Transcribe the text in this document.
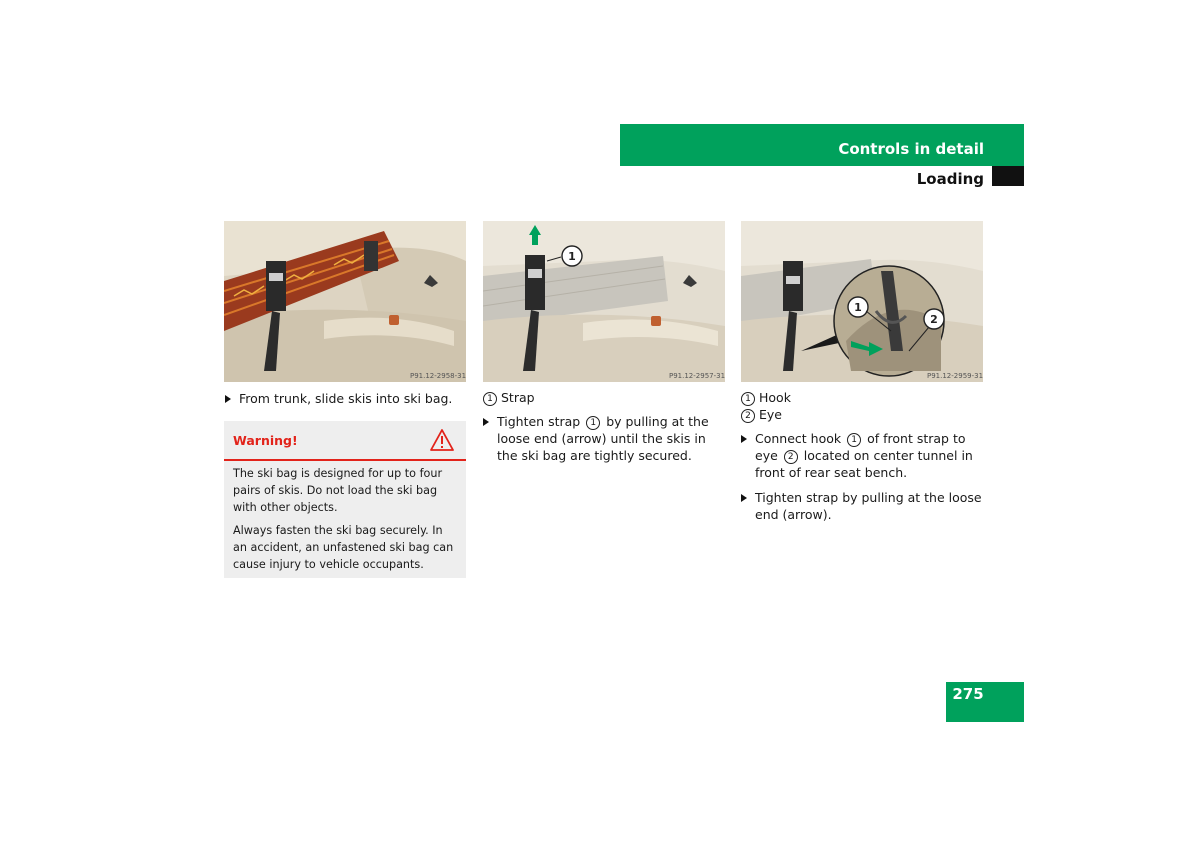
Controls in detail
Loading
P91.12-2958-31
1
P91.12-2957-31
1
2
P91.12-2959-31
From trunk, slide skis into ski bag.
Warning!

The ski bag is designed for up to four pairs of skis. Do not load the ski bag with other objects.

Always fasten the ski bag securely. In an accident, an unfastened ski bag can cause injury to vehicle occupants.

1 Strap
Tighten strap 1 by pulling at the loose end (arrow) until the skis in the ski bag are tightly secured.
1 Hook
2 Eye
Connect hook 1 of front strap to eye 2 located on center tunnel in front of rear seat bench.
Tighten strap by pulling at the loose end (arrow).
275
